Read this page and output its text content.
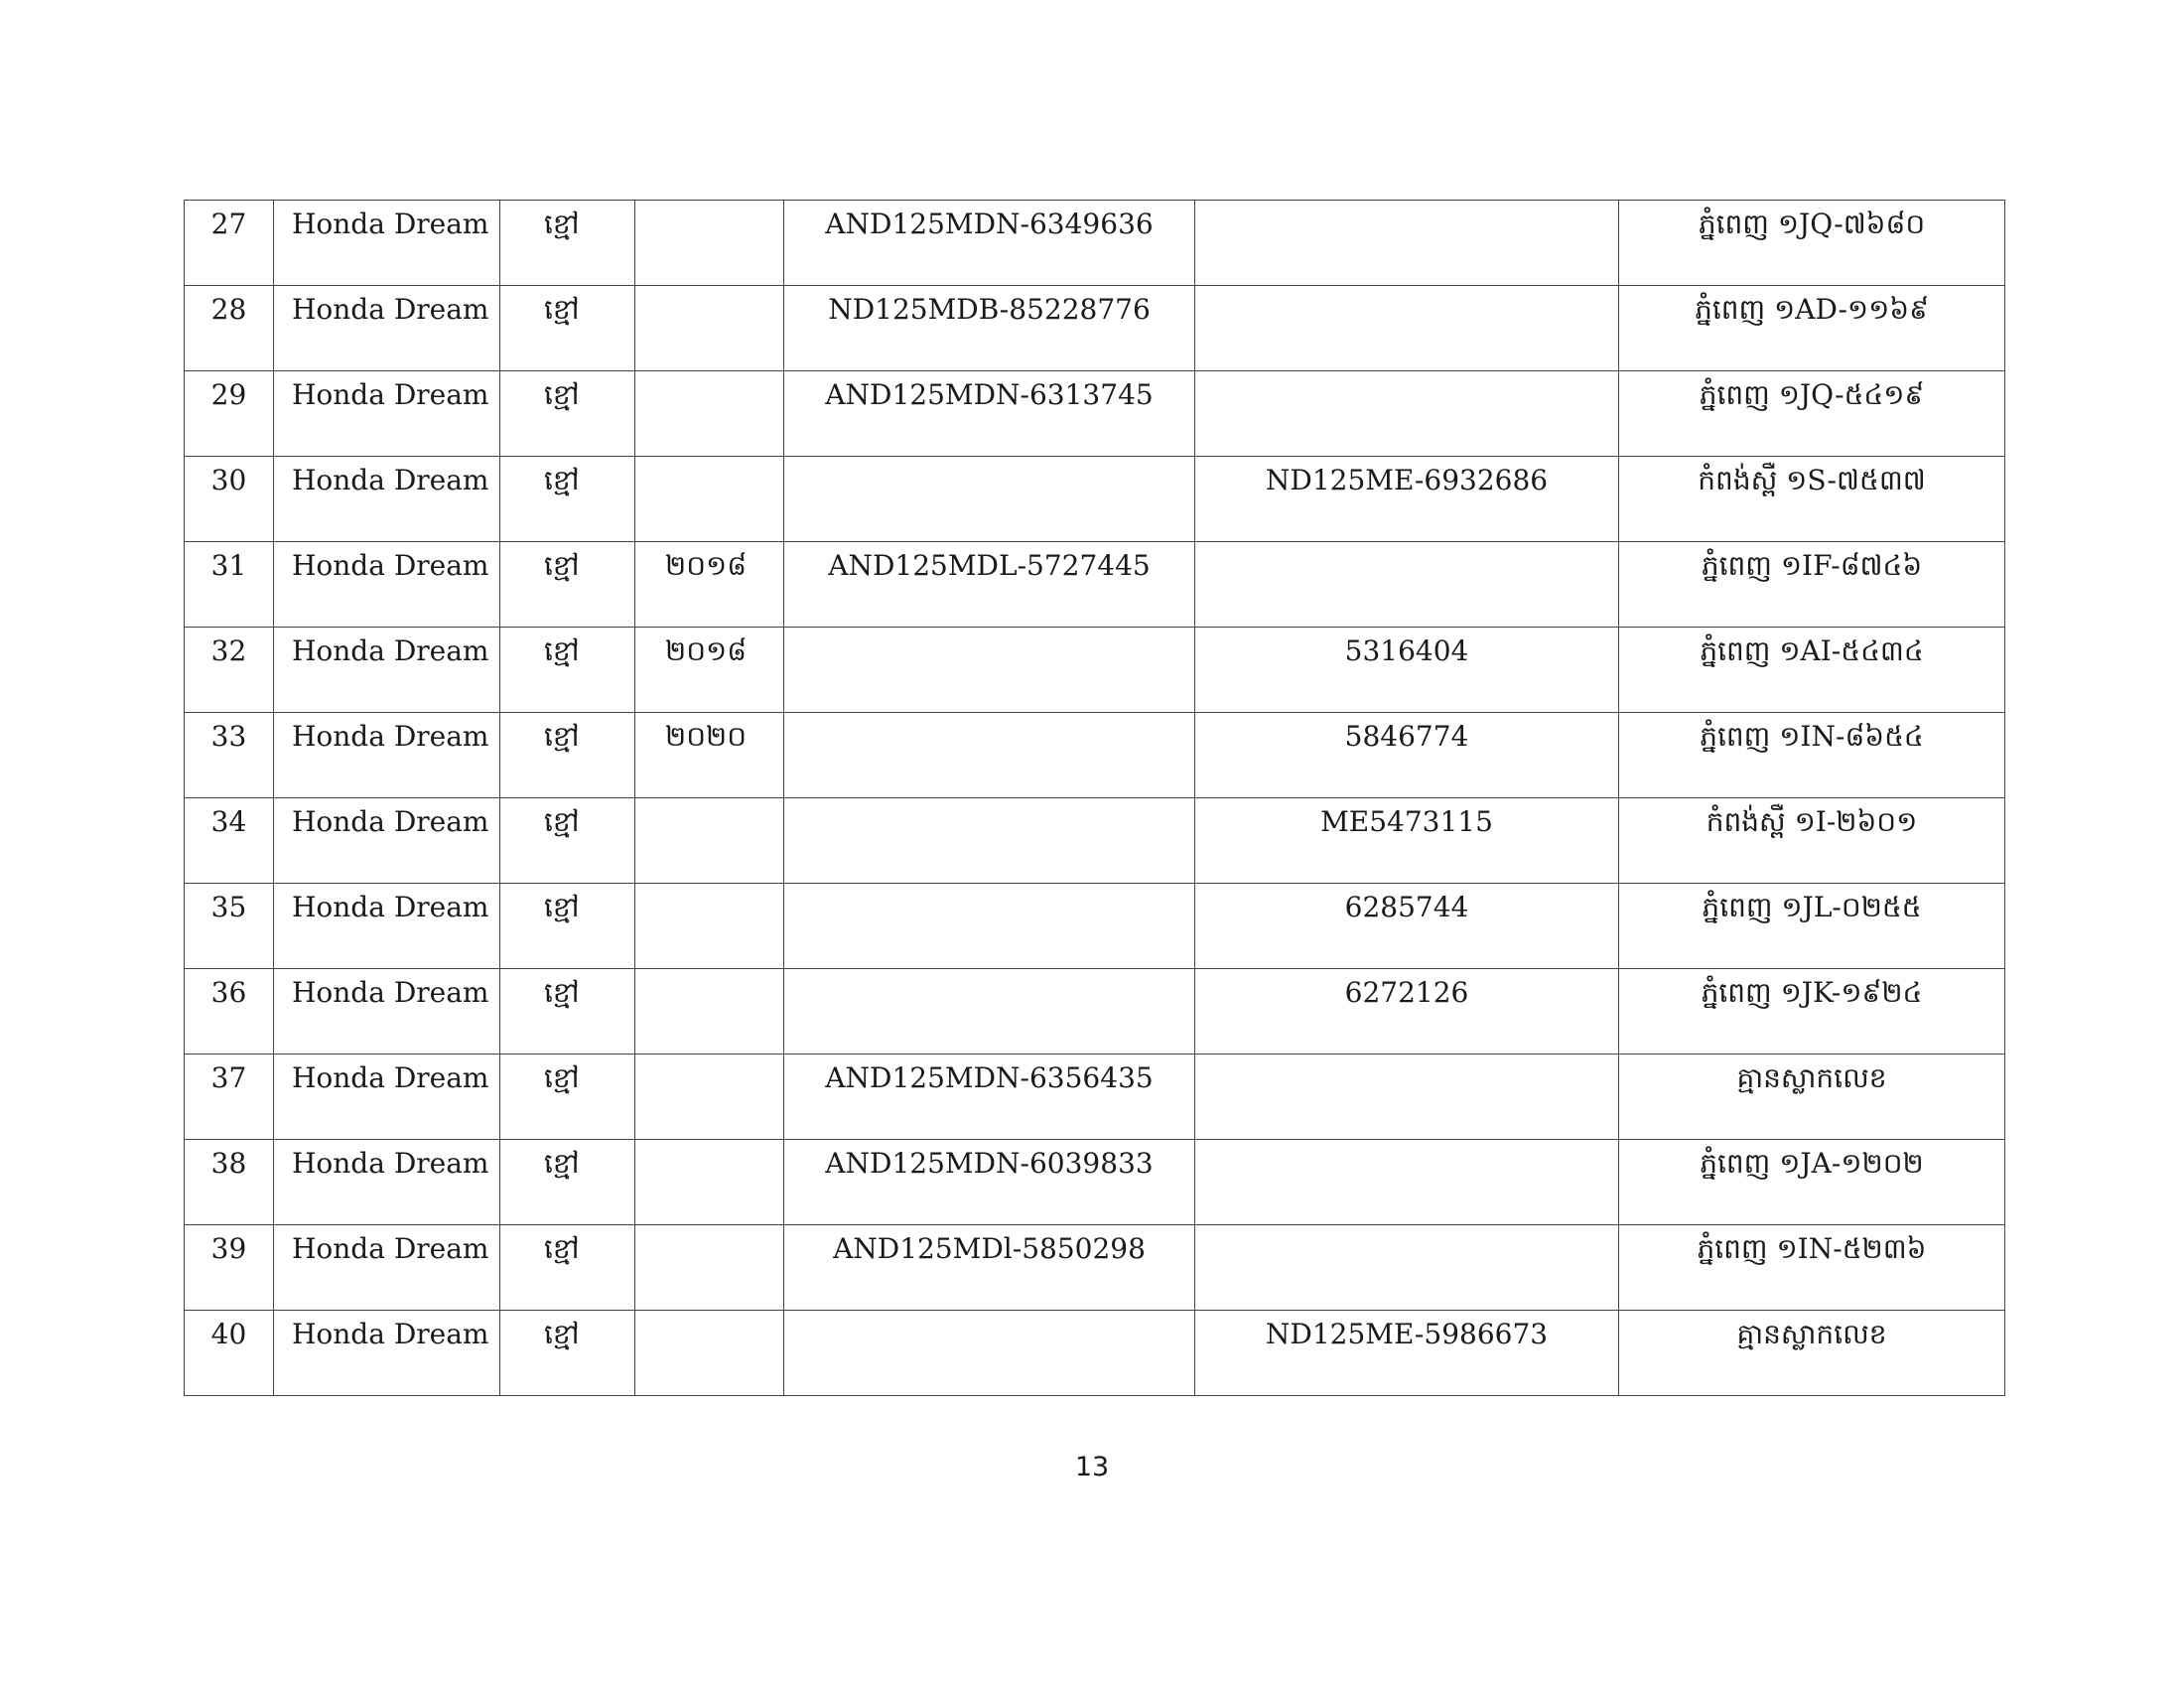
27	Honda Dream	ខ្មៅ		AND125MDN-6349636		ភ្នំពេញ ១JQ-៧៦៨០
28	Honda Dream	ខ្មៅ		ND125MDB-85228776		ភ្នំពេញ ១AD-១១៦៩
29	Honda Dream	ខ្មៅ		AND125MDN-6313745		ភ្នំពេញ ១JQ-៥៤១៩
30	Honda Dream	ខ្មៅ			ND125ME-6932686	កំពង់ស្ពឺ ១S-៧៥៣៧
31	Honda Dream	ខ្មៅ	២០១៨	AND125MDL-5727445		ភ្នំពេញ ១IF-៨៧៤៦
32	Honda Dream	ខ្មៅ	២០១៨		5316404	ភ្នំពេញ ១AI-៥៤៣៤
33	Honda Dream	ខ្មៅ	២០២០		5846774	ភ្នំពេញ ១IN-៨៦៥៤
34	Honda Dream	ខ្មៅ			ME5473115	កំពង់ស្ពឺ ១I-២៦០១
35	Honda Dream	ខ្មៅ			6285744	ភ្នំពេញ ១JL-០២៥៥
36	Honda Dream	ខ្មៅ			6272126	ភ្នំពេញ ១JK-១៩២៤
37	Honda Dream	ខ្មៅ		AND125MDN-6356435		គ្មានស្លាកលេខ
38	Honda Dream	ខ្មៅ		AND125MDN-6039833		ភ្នំពេញ ១JA-១២០២
39	Honda Dream	ខ្មៅ		AND125MDl-5850298		ភ្នំពេញ ១IN-៥២៣៦
40	Honda Dream	ខ្មៅ			ND125ME-5986673	គ្មានស្លាកលេខ
13
